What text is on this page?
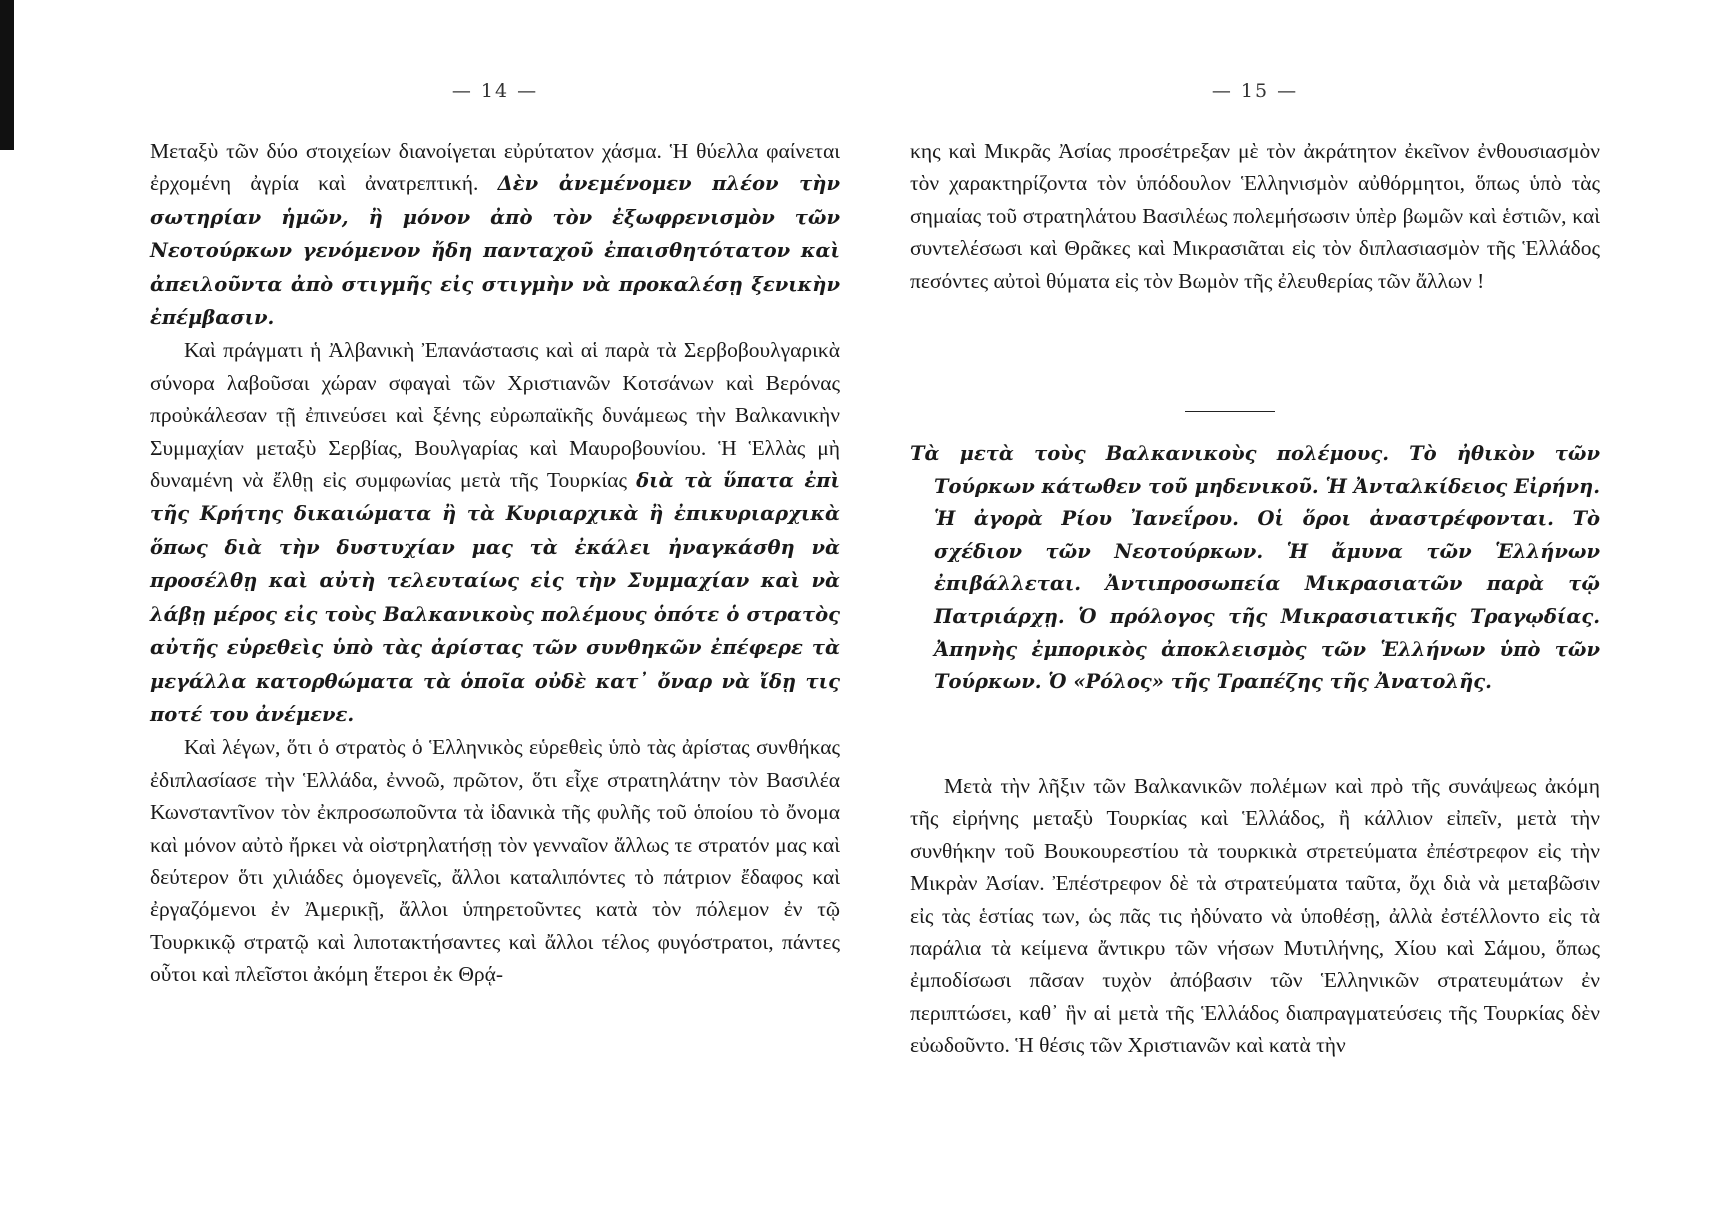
— 14 —

Μεταξὺ τῶν δύο στοιχείων διανοίγεται εὐρύτατον χάσμα. Ἡ θύελλα φαίνεται ἐρχομένη ἀγρία καὶ ἀνατρεπτική. Δὲν ἀνεμένομεν πλέον τὴν σωτηρίαν ἡμῶν, ἢ μόνον ἀπὸ τὸν ἐξωφρενισμὸν τῶν Νεοτούρκων γενόμενον ἤδη πανταχοῦ ἐπαισθητότατον καὶ ἀπειλοῦντα ἀπὸ στιγμῆς εἰς στιγμὴν νὰ προκαλέσῃ ξενικὴν ἐπέμβασιν.

Καὶ πράγματι ἡ Ἀλβανικὴ Ἐπανάστασις καὶ αἱ παρὰ τὰ Σερβοβουλγαρικὰ σύνορα λαβοῦσαι χώραν σφαγαὶ τῶν Χριστιανῶν Κοτσάνων καὶ Βερόνας προὐκάλεσαν τῇ ἐπινεύσει καὶ ξένης εὐρωπαϊκῆς δυνάμεως τὴν Βαλκανικὴν Συμμαχίαν μεταξὺ Σερβίας, Βουλγαρίας καὶ Μαυροβουνίου. Ἡ Ἑλλὰς μὴ δυναμένη νὰ ἔλθῃ εἰς συμφωνίας μετὰ τῆς Τουρκίας διὰ τὰ ὕπατα ἐπὶ τῆς Κρήτης δικαιώματα ἢ τὰ Κυριαρχικὰ ἢ ἐπικυριαρχικὰ ὅπως διὰ τὴν δυστυχίαν μας τὰ ἐκάλει ἠναγκάσθη νὰ προσέλθῃ καὶ αὐτὴ τελευταίως εἰς τὴν Συμμαχίαν καὶ νὰ λάβῃ μέρος εἰς τοὺς Βαλκανικοὺς πολέμους ὁπότε ὁ στρατὸς αὐτῆς εὑρεθεὶς ὑπὸ τὰς ἀρίστας τῶν συνθηκῶν ἐπέφερε τὰ μεγάλλα κατορθώματα τὰ ὁποῖα οὐδὲ κατ᾽ ὄναρ νὰ ἴδῃ τις ποτέ του ἀνέμενε.

Καὶ λέγων, ὅτι ὁ στρατὸς ὁ Ἑλληνικὸς εὑρεθεὶς ὑπὸ τὰς ἀρίστας συνθήκας ἐδιπλασίασε τὴν Ἑλλάδα, ἐννοῶ, πρῶτον, ὅτι εἶχε στρατηλάτην τὸν Βασιλέα Κωνσταντῖνον τὸν ἐκπροσωποῦντα τὰ ἰδανικὰ τῆς φυλῆς τοῦ ὁποίου τὸ ὄνομα καὶ μόνον αὐτὸ ἤρκει νὰ οἰστρηλατήσῃ τὸν γενναῖον ἄλλως τε στρατόν μας καὶ δεύτερον ὅτι χιλιάδες ὁμογενεῖς, ἄλλοι καταλιπόντες τὸ πάτριον ἔδαφος καὶ ἐργαζόμενοι ἐν Ἀμερικῇ, ἄλλοι ὑπηρετοῦντες κατὰ τὸν πόλεμον ἐν τῷ Τουρκικῷ στρατῷ καὶ λιποτακτήσαντες καὶ ἄλλοι τέλος φυγόστρατοι, πάντες οὗτοι καὶ πλεῖστοι ἀκόμη ἕτεροι ἐκ Θρᾴ-

— 15 —

κης καὶ Μικρᾶς Ἀσίας προσέτρεξαν μὲ τὸν ἀκράτητον ἐκεῖνον ἐνθουσιασμὸν τὸν χαρακτηρίζοντα τὸν ὑπόδουλον Ἑλληνισμὸν αὐθόρμητοι, ὅπως ὑπὸ τὰς σημαίας τοῦ στρατηλάτου Βασιλέως πολεμήσωσιν ὑπὲρ βωμῶν καὶ ἑστιῶν, καὶ συντελέσωσι καὶ Θρᾶκες καὶ Μικρασιᾶται εἰς τὸν διπλασιασμὸν τῆς Ἑλλάδος πεσόντες αὐτοὶ θύματα εἰς τὸν Βωμὸν τῆς ἐλευθερίας τῶν ἄλλων !

Τὰ μετὰ τοὺς Βαλκανικοὺς πολέμους. Τὸ ἠθικὸν τῶν Τούρκων κάτωθεν τοῦ μηδενικοῦ. Ἡ Ἀνταλκίδειος Εἰρήνη. Ἡ ἀγορὰ Ρίου Ἰανεΐρου. Οἱ ὅροι ἀναστρέφονται. Τὸ σχέδιον τῶν Νεοτούρκων. Ἡ ἄμυνα τῶν Ἑλλήνων ἐπιβάλλεται. Ἀντιπροσωπεία Μικρασιατῶν παρὰ τῷ Πατριάρχῃ. Ὁ πρόλογος τῆς Μικρασιατικῆς Τραγῳδίας. Ἀπηνὴς ἐμπορικὸς ἀποκλεισμὸς τῶν Ἑλλήνων ὑπὸ τῶν Τούρκων. Ὁ «Ρόλος» τῆς Τραπέζης τῆς Ἀνατολῆς.

Μετὰ τὴν λῆξιν τῶν Βαλκανικῶν πολέμων καὶ πρὸ τῆς συνάψεως ἀκόμη τῆς εἰρήνης μεταξὺ Τουρκίας καὶ Ἑλλάδος, ἢ κάλλιον εἰπεῖν, μετὰ τὴν συνθήκην τοῦ Βουκουρεστίου τὰ τουρκικὰ στρετεύματα ἐπέστρεφον εἰς τὴν Μικρὰν Ἀσίαν. Ἐπέστρεφον δὲ τὰ στρατεύματα ταῦτα, ὄχι διὰ νὰ μεταβῶσιν εἰς τὰς ἑστίας των, ὡς πᾶς τις ἠδύνατο νὰ ὑποθέσῃ, ἀλλὰ ἐστέλλοντο εἰς τὰ παράλια τὰ κείμενα ἄντικρυ τῶν νήσων Μυτιλήνης, Χίου καὶ Σάμου, ὅπως ἐμποδίσωσι πᾶσαν τυχὸν ἀπόβασιν τῶν Ἑλληνικῶν στρατευμάτων ἐν περιπτώσει, καθ᾽ ἣν αἱ μετὰ τῆς Ἑλλάδος διαπραγματεύσεις τῆς Τουρκίας δὲν εὐωδοῦντο. Ἡ θέσις τῶν Χριστιανῶν καὶ κατὰ τὴν
